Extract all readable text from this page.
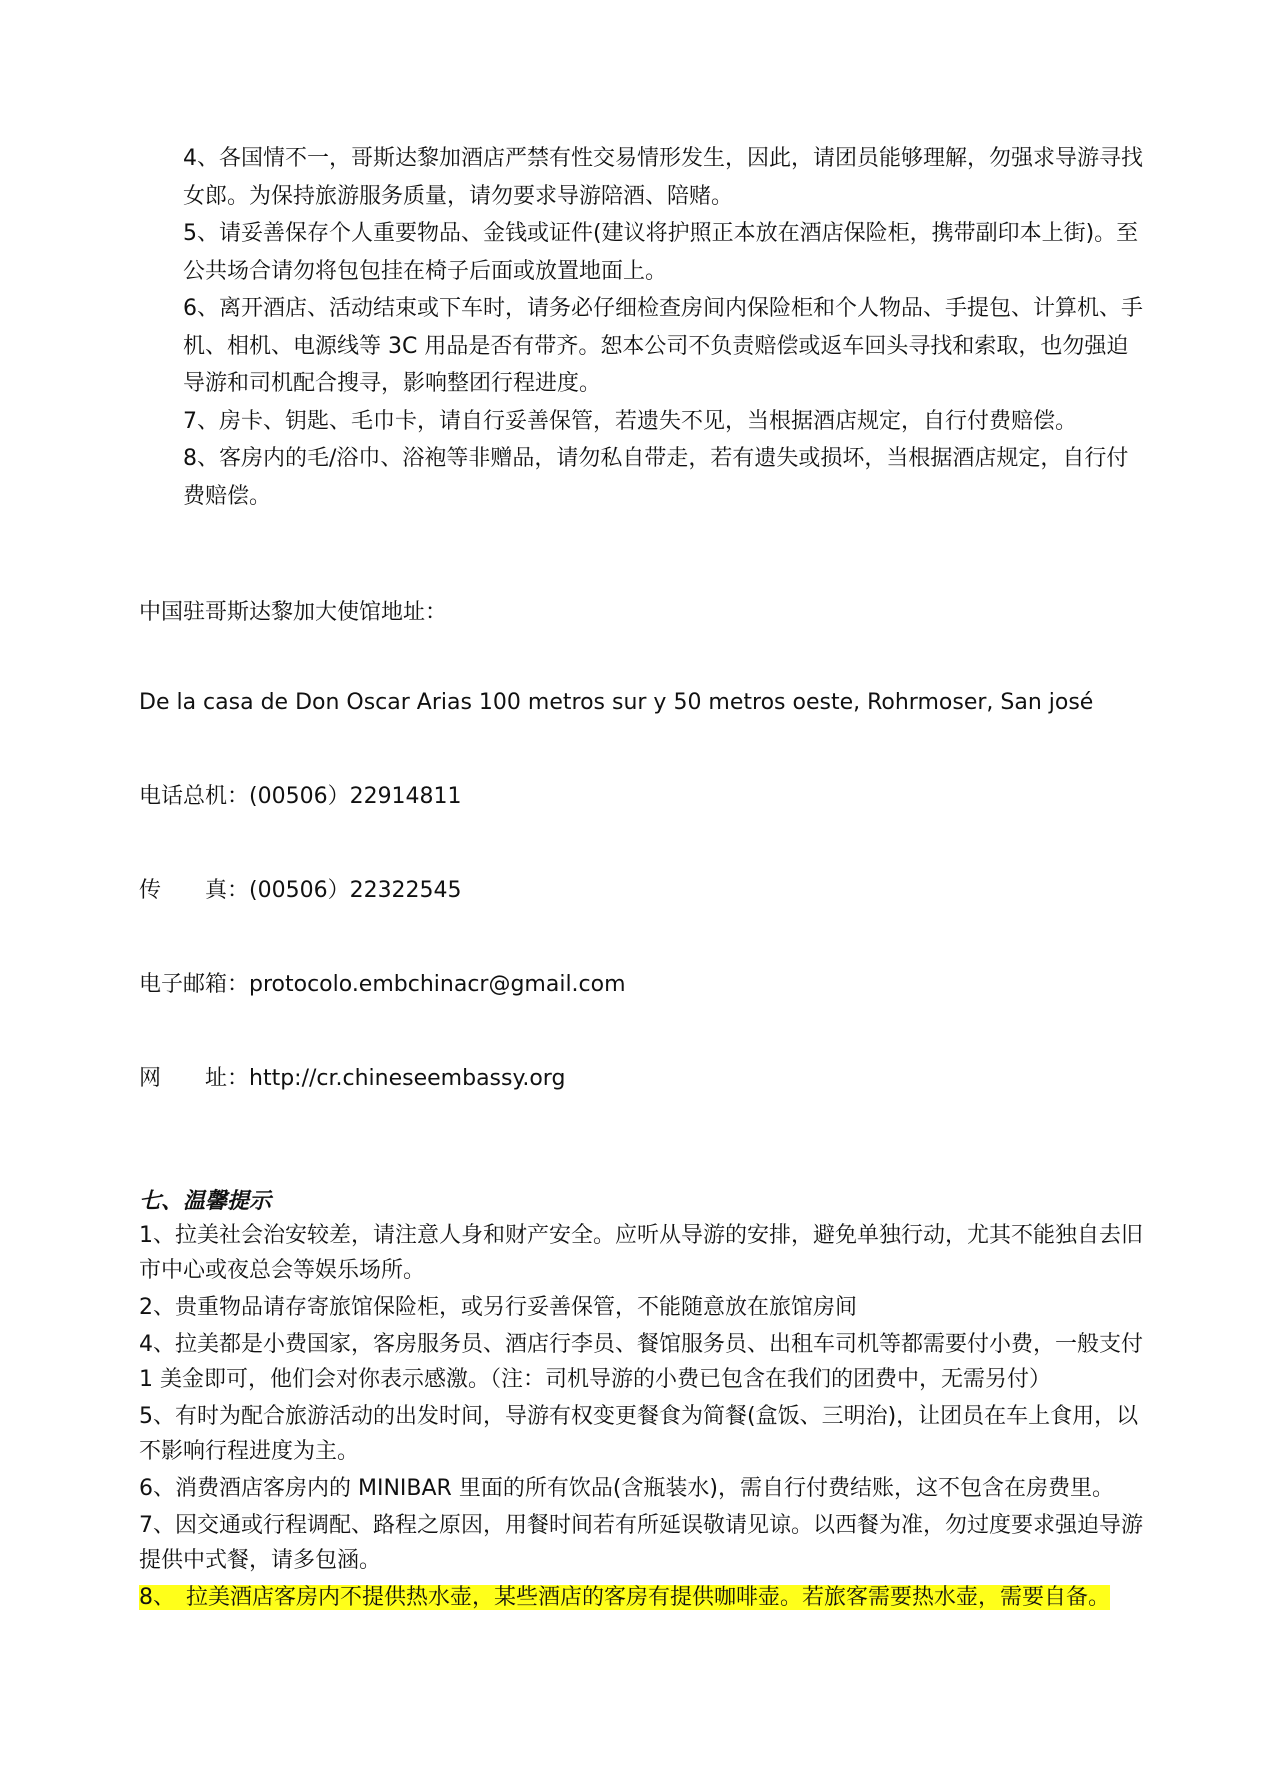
4、各国情不一，哥斯达黎加酒店严禁有性交易情形发生，因此，请团员能够理解，勿强求导游寻找女郎。为保持旅游服务质量，请勿要求导游陪酒、陪赌。

5、请妥善保存个人重要物品、金钱或证件(建议将护照正本放在酒店保险柜，携带副印本上街)。至公共场合请勿将包包挂在椅子后面或放置地面上。

6、离开酒店、活动结束或下车时，请务必仔细检查房间内保险柜和个人物品、手提包、计算机、手机、相机、电源线等 3C 用品是否有带齐。恕本公司不负责赔偿或返车回头寻找和索取，也勿强迫导游和司机配合搜寻，影响整团行程进度。

7、房卡、钥匙、毛巾卡，请自行妥善保管，若遗失不见，当根据酒店规定，自行付费赔偿。

8、客房内的毛/浴巾、浴袍等非赠品，请勿私自带走，若有遗失或损坏，当根据酒店规定，自行付费赔偿。

中国驻哥斯达黎加大使馆地址：
De la casa de Don Oscar Arias 100 metros sur y 50 metros oeste, Rohrmoser, San josé
电话总机：(00506）22914811
传　　真：(00506）22322545
电子邮箱：protocolo.embchinacr@gmail.com
网　　址：http://cr.chineseembassy.org
七、温馨提示

1、拉美社会治安较差，请注意人身和财产安全。应听从导游的安排，避免单独行动，尤其不能独自去旧市中心或夜总会等娱乐场所。

2、贵重物品请存寄旅馆保险柜，或另行妥善保管，不能随意放在旅馆房间

4、拉美都是小费国家，客房服务员、酒店行李员、餐馆服务员、出租车司机等都需要付小费，一般支付 1 美金即可，他们会对你表示感激。（注：司机导游的小费已包含在我们的团费中，无需另付）

5、有时为配合旅游活动的出发时间，导游有权变更餐食为简餐(盒饭、三明治)，让团员在车上食用，以不影响行程进度为主。

6、消费酒店客房内的 MINIBAR 里面的所有饮品(含瓶装水)，需自行付费结账，这不包含在房费里。

7、因交通或行程调配、路程之原因，用餐时间若有所延误敬请见谅。以西餐为准，勿过度要求强迫导游提供中式餐，请多包涵。

8、　拉美酒店客房内不提供热水壶，某些酒店的客房有提供咖啡壶。若旅客需要热水壶，需要自备。
